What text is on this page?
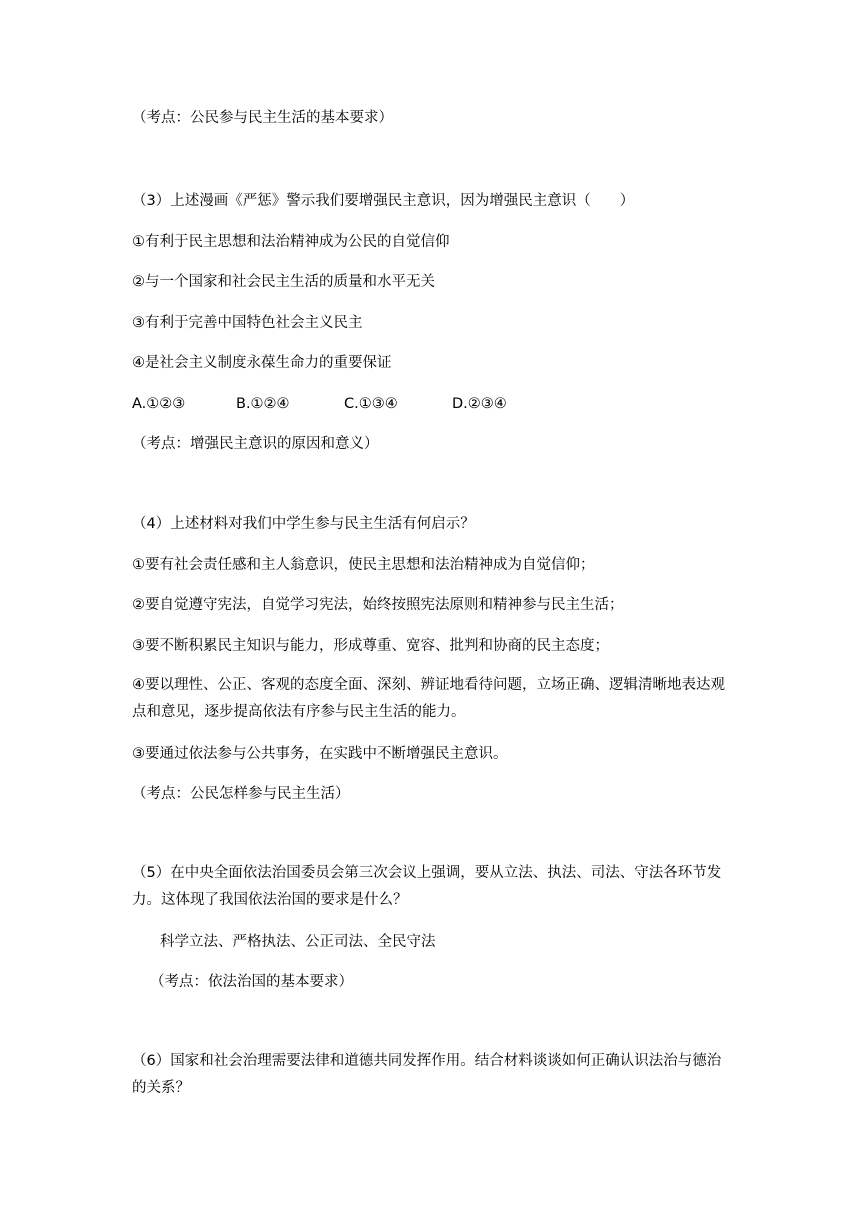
（考点：公民参与民主生活的基本要求）
（3）上述漫画《严惩》警示我们要增强民主意识，因为增强民主意识（　　）
①有利于民主思想和法治精神成为公民的自觉信仰
②与一个国家和社会民主生活的质量和水平无关
③有利于完善中国特色社会主义民主
④是社会主义制度永葆生命力的重要保证
A.①②③	B.①②④	C.①③④	D.②③④
（考点：增强民主意识的原因和意义）
（4）上述材料对我们中学生参与民主生活有何启示？
①要有社会责任感和主人翁意识，使民主思想和法治精神成为自觉信仰；
②要自觉遵守宪法，自觉学习宪法，始终按照宪法原则和精神参与民主生活；
③要不断积累民主知识与能力，形成尊重、宽容、批判和协商的民主态度；
④要以理性、公正、客观的态度全面、深刻、辨证地看待问题，立场正确、逻辑清晰地表达观点和意见，逐步提高依法有序参与民主生活的能力。
③要通过依法参与公共事务，在实践中不断增强民主意识。
（考点：公民怎样参与民主生活）
（5）在中央全面依法治国委员会第三次会议上强调，要从立法、执法、司法、守法各环节发力。这体现了我国依法治国的要求是什么？
科学立法、严格执法、公正司法、全民守法
（考点：依法治国的基本要求）
（6）国家和社会治理需要法律和道德共同发挥作用。结合材料谈谈如何正确认识法治与德治的关系？
